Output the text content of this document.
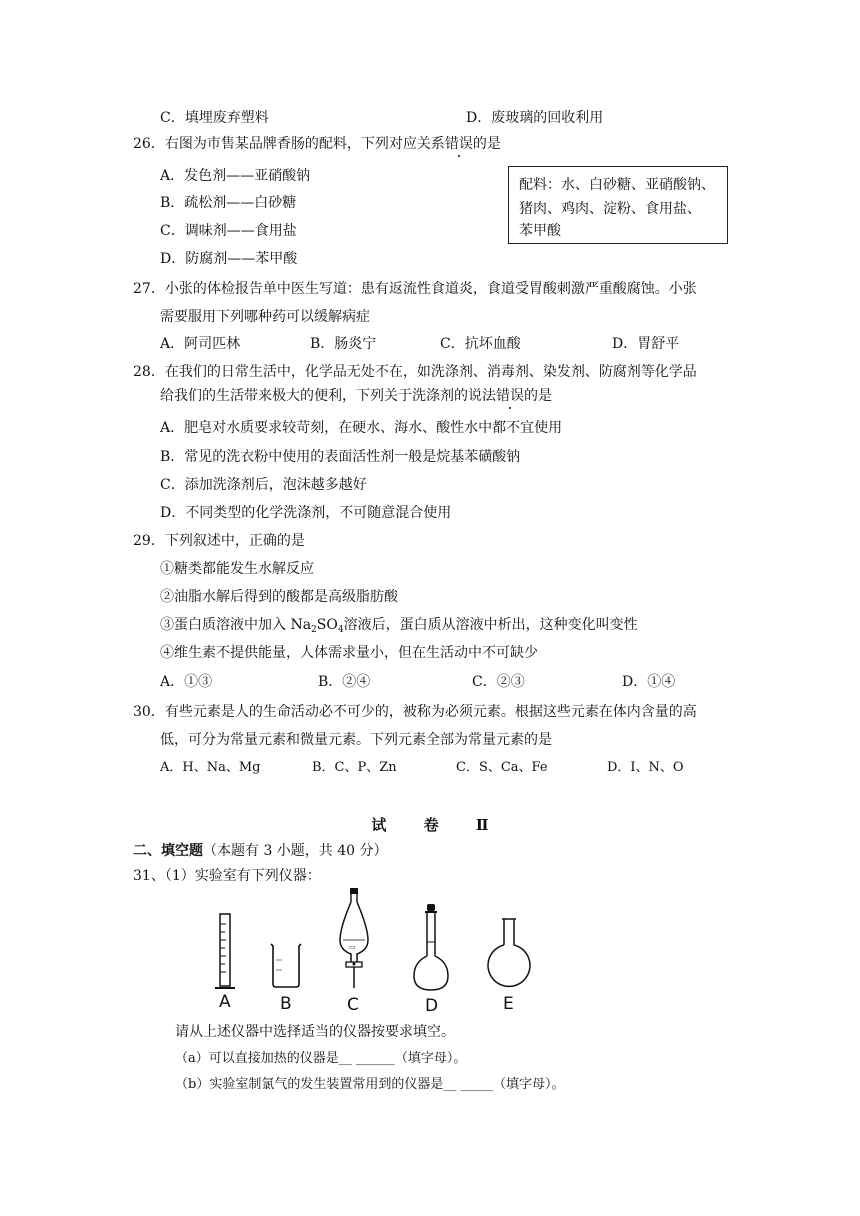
C．填埋废弃塑料	D．废玻璃的回收利用
26．右图为市售某品牌香肠的配料，下列对应关系错误的是
A．发色剂——亚硝酸钠
B．疏松剂——白砂糖
C．调味剂——食用盐
D．防腐剂——苯甲酸
配料：水、白砂糖、亚硝酸钠、
猪肉、鸡肉、淀粉、食用盐、
苯甲酸
27．小张的体检报告单中医生写道：患有返流性食道炎，食道受胃酸刺激严重酸腐蚀。小张
需要服用下列哪种药可以缓解病症
A．阿司匹林	B．肠炎宁	C．抗坏血酸	D．胃舒平
28．在我们的日常生活中，化学品无处不在，如洗涤剂、消毒剂、染发剂、防腐剂等化学品
给我们的生活带来极大的便利，下列关于洗涤剂的说法错误的是
A．肥皂对水质要求较苛刻，在硬水、海水、酸性水中都不宜使用
B．常见的洗衣粉中使用的表面活性剂一般是烷基苯磺酸钠
C．添加洗涤剂后，泡沫越多越好
D．不同类型的化学洗涤剂，不可随意混合使用
29．下列叙述中，正确的是
①糖类都能发生水解反应
②油脂水解后得到的酸都是高级脂肪酸
③蛋白质溶液中加入 $Na_2SO_4$溶液后，蛋白质从溶液中析出，这种变化叫变性
④维生素不提供能量，人体需求量小，但在生活动中不可缺少
A．①③	B．②④	C．②③	D．①④
30．有些元素是人的生命活动必不可少的，被称为必须元素。根据这些元素在体内含量的高
低，可分为常量元素和微量元素。下列元素全部为常量元素的是
A．H、Na、Mg	B．C、P、Zn	C．S、Ca、Fe	D．I、N、O
试 卷 Ⅱ
二、填空题（本题有 3 小题，共 40 分）
31、（1）实验室有下列仪器：
A	B
▭
C	D	E
请从上述仪器中选择适当的仪器按要求填空。
（a）可以直接加热的仪器是__ ______（填字母）。
（b）实验室制氯气的发生装置常用到的仪器是__ _____（填字母）。
